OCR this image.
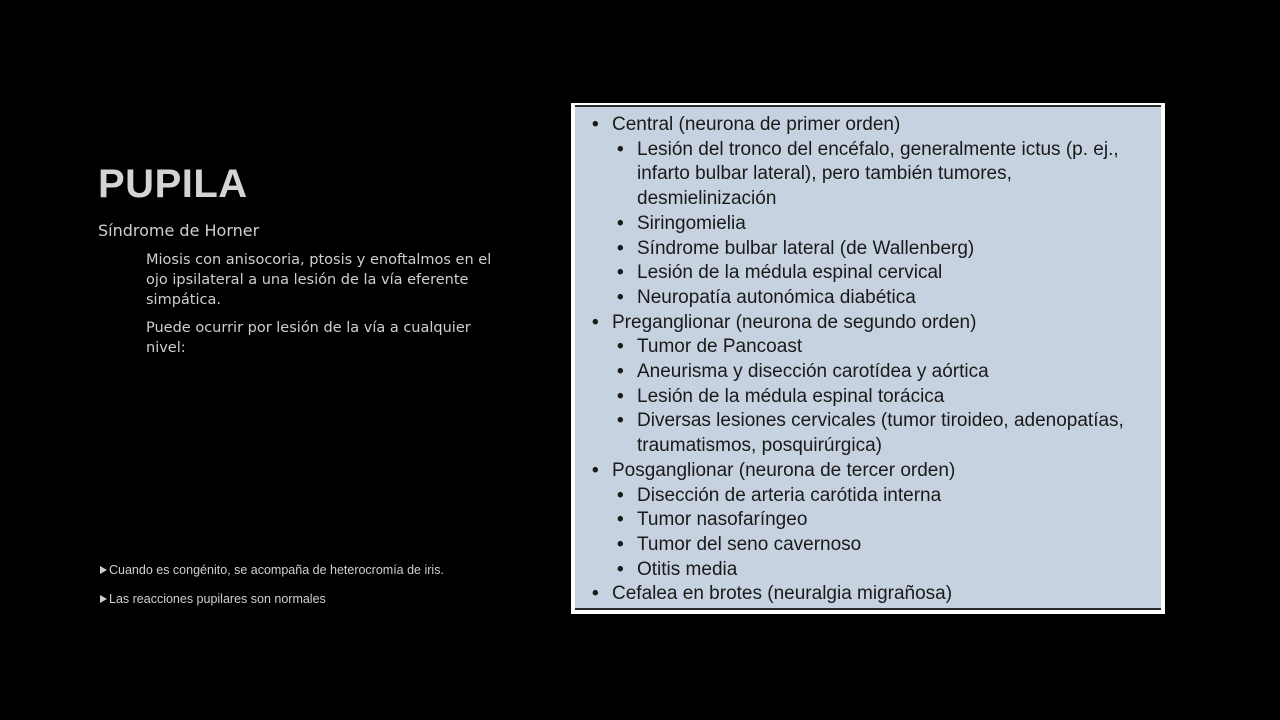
PUPILA

Síndrome de Horner

Miosis con anisocoria, ptosis y enoftalmos en el ojo ipsilateral a una lesión de la vía eferente simpática.

Puede ocurrir por lesión de la vía a cualquier nivel:

Cuando es congénito, se acompaña de heterocromía de iris.
Las reacciones pupilares son normales
• Central (neurona de primer orden)
• Lesión del tronco del encéfalo, generalmente ictus (p. ej., infarto bulbar lateral), pero también tumores, desmielinización
• Siringomielia
• Síndrome bulbar lateral (de Wallenberg)
• Lesión de la médula espinal cervical
• Neuropatía autonómica diabética
• Preganglionar (neurona de segundo orden)
• Tumor de Pancoast
• Aneurisma y disección carotídea y aórtica
• Lesión de la médula espinal torácica
• Diversas lesiones cervicales (tumor tiroideo, adenopatías, traumatismos, posquirúrgica)
• Posganglionar (neurona de tercer orden)
• Disección de arteria carótida interna
• Tumor nasofaríngeo
• Tumor del seno cavernoso
• Otitis media
• Cefalea en brotes (neuralgia migrañosa)
